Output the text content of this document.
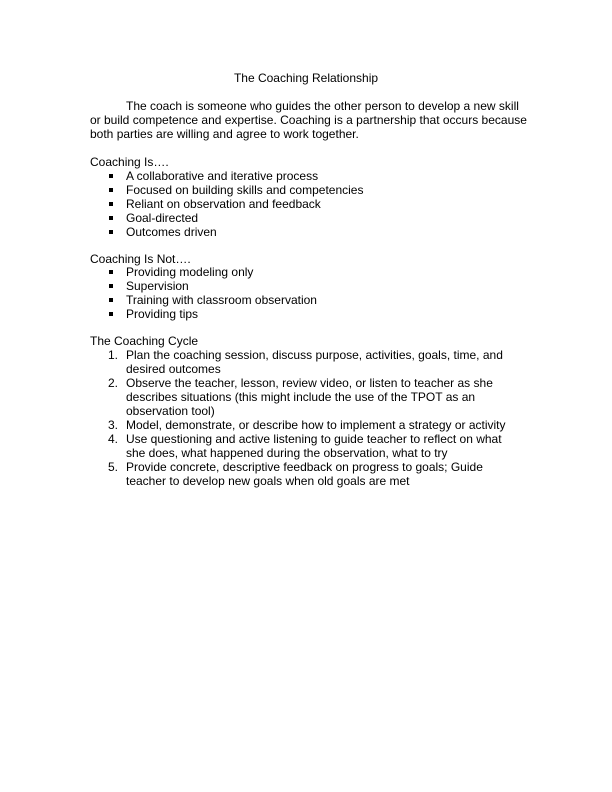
The Coaching Relationship
The coach is someone who guides the other person to develop a new skill or build competence and expertise. Coaching is a partnership that occurs because both parties are willing and agree to work together.
Coaching Is….
A collaborative and iterative process
Focused on building skills and competencies
Reliant on observation and feedback
Goal-directed
Outcomes driven
Coaching Is Not….
Providing modeling only
Supervision
Training with classroom observation
Providing tips
The Coaching Cycle
1. Plan the coaching session, discuss purpose, activities, goals, time, and desired outcomes
2. Observe the teacher, lesson, review video, or listen to teacher as she describes situations (this might include the use of the TPOT as an observation tool)
3. Model, demonstrate, or describe how to implement a strategy or activity
4. Use questioning and active listening to guide teacher to reflect on what she does, what happened during the observation, what to try
5. Provide concrete, descriptive feedback on progress to goals; Guide teacher to develop new goals when old goals are met
